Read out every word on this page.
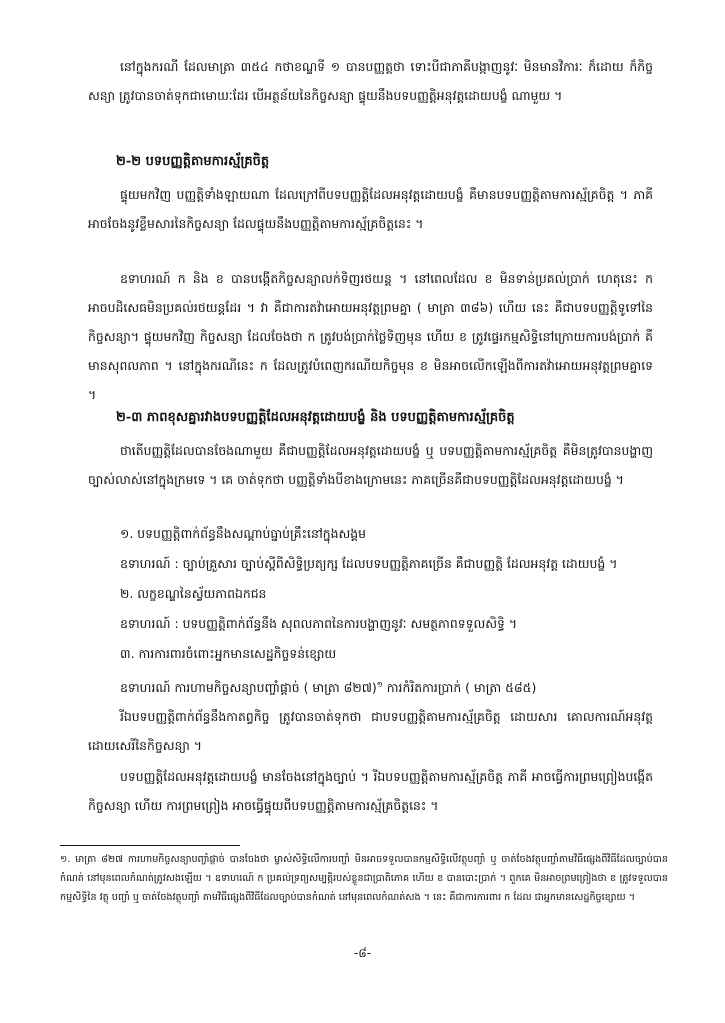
នៅក្នុងករណី ដែលមាត្រា ៣៥៤ កថាខណ្ឌទី ១ បានបញ្ញត្តថា ទោះបីជាភាគីបង្កាញនូវៈ មិនមានវិការៈ ក៏ដោយ ក៏កិច្ចសន្យា ត្រូវបានចាត់ទុកជាមោឃៈដែរ បើអត្ថន័យនៃកិច្ចសន្យា ផ្ទុយនឹងបទបញ្ញត្តិអនុវត្តដោយបង្ខំ ណាមួយ ។
២-២ បទបញ្ញត្តិតាមការស្ម័គ្រចិត្ត
ផ្ទុយមកវិញ បញ្ញត្តិទាំងឡាយណា ដែលក្រៅពីបទបញ្ញត្តិដែលអនុវត្តដោយបង្ខំ គឺមានបទបញ្ញត្តិតាមការស្ម័គ្រចិត្ត ។ ភាគី អាចចែងនូវខ្លឹមសារនៃកិច្ចសន្យា ដែលផ្ទុយនឹងបញ្ញត្តិតាមការស្ម័គ្រចិត្តនេះ ។
ឧទាហរណ៍ ក និង ខ បានបង្កើតកិច្ចសន្យាលក់ទិញរថយន្ត ។ នៅពេលដែល ខ មិនទាន់ប្រគល់ប្រាក់ ហេតុនេះ ក អាចបដិសេធមិនប្រគល់រថយន្តដែរ ។ វា គឺជាការតវ៉ាអោយអនុវត្តព្រមគ្នា ( មាត្រា ៣៨៦) ហើយ នេះ គឺជាបទបញ្ញត្តិទូទៅនៃកិច្ចសន្យា។ ផ្ទុយមកវិញ កិច្ចសន្យា ដែលចែងថា ក ត្រូវបង់ប្រាក់ថ្លៃទិញមុន ហើយ ខ ត្រូវផ្ទេរកម្មសិទ្ធិនៅក្រោយការបង់ប្រាក់ គឺមានសុពលភាព ។ នៅក្នុងករណីនេះ ក ដែលត្រូវបំពេញករណីយកិច្ចមុន ខ មិនអាចលើកឡើងពីការតវ៉ាអោយអនុវត្តព្រមគ្នាទេ ។
២-៣ ភាពខុសគ្នារវាងបទបញ្ញត្តិដែលអនុវត្តដោយបង្ខំ និង បទបញ្ញត្តិតាមការស្ម័គ្រចិត្ត
ថាតើបញ្ញត្តិដែលបានចែងណាមួយ គឺជាបញ្ញត្តិដែលអនុវត្តដោយបង្ខំ ឬ បទបញ្ញត្តិតាមការស្ម័គ្រចិត្ត គឺមិនត្រូវបានបង្ហាញច្បាស់លាស់នៅក្នុងក្រមទេ ។ គេ ចាត់ទុកថា បញ្ញត្តិទាំងបីខាងក្រោមនេះ ភាគច្រើនគឺជាបទបញ្ញត្តិដែលអនុវត្តដោយបង្ខំ ។
១. បទបញ្ញត្តិពាក់ព័ន្ធនឹងសណ្តាប់ធ្នាប់គ្រឹះនៅក្នុងសង្គម
ឧទាហរណ៍ : ច្បាប់គ្រួសារ ច្បាប់ស្តីពីសិទ្ធិប្រត្យក្ស ដែលបទបញ្ញត្តិភាគច្រើន គឺជាបញ្ញត្តិ ដែលអនុវត្ត ដោយបង្ខំ ។
២. លក្ខខណ្ឌនៃស្វ័យភាពឯកជន
ឧទាហរណ៍ : បទបញ្ញត្តិពាក់ព័ន្ធនឹង សុពលភាពនៃការបង្ហាញនូវៈ សមត្ថភាពទទួលសិទ្ធិ ។
៣. ការការពារចំពោះអ្នកមានសេដ្ឋកិច្ចទន់ខ្សោយ
ឧទាហរណ៍ ការហាមកិច្ចសន្យាបញ្ចាំផ្តាច់ ( មាត្រា ៨២៧)$^១$ ការកំរិតការប្រាក់ ( មាត្រា ៥៨៥)
រីឯបទបញ្ញត្តិពាក់ព័ន្ធនឹងកាតព្វកិច្ច ត្រូវបានចាត់ទុកថា ជាបទបញ្ញត្តិតាមការស្ម័គ្រចិត្ត ដោយសារ គោលការណ៍អនុវត្តដោយសេរីនៃកិច្ចសន្យា ។
បទបញ្ញត្តិដែលអនុវត្តដោយបង្ខំ មានចែងនៅក្នុងច្បាប់ ។ រីឯបទបញ្ញត្តិតាមការស្ម័គ្រចិត្ត ភាគី អាចធ្វើការព្រមព្រៀងបង្កើតកិច្ចសន្យា ហើយ ការព្រមព្រៀង អាចធ្វើផ្ទុយពីបទបញ្ញត្តិតាមការស្ម័គ្រចិត្តនេះ ។
១. មាត្រា ៨២៧ ការហាមកិច្ចសន្យាបញ្ចាំផ្តាច់ បានចែងថា ម្ចាស់សិទ្ធិលើការបញ្ចាំ មិនអាចទទួលបានកម្មសិទ្ធិលើវត្ថុបញ្ចាំ ឬ ចាត់ចែងវត្ថុបញ្ចាំតាមវិធីផ្សេងពីវិធីដែលច្បាប់បានកំណត់ នៅមុនពេលកំណត់ត្រូវសងឡើយ ។ ឧទាហរណ៍ ក ប្រគល់ទ្រព្យសម្បត្តិរបស់ខ្លួនជាប្រាតិភោគ ហើយ ខ បានបោះប្រាក់ ។ ពួកគេ មិនអាចព្រមព្រៀងថា ខ ត្រូវទទួលបានកម្មសិទ្ធិនៃ វត្ថុ បញ្ចាំ ឬ ចាត់ចែងវត្ថុបញ្ចាំ តាមវិធីផ្សេងពីវិធីដែលច្បាប់បានកំណត់ នៅមុនពេលកំណត់សង ។ នេះ គឺជាការការពារ ក ដែល ជាអ្នកមានសេដ្ឋកិច្ចខ្សោយ ។
-៨-
